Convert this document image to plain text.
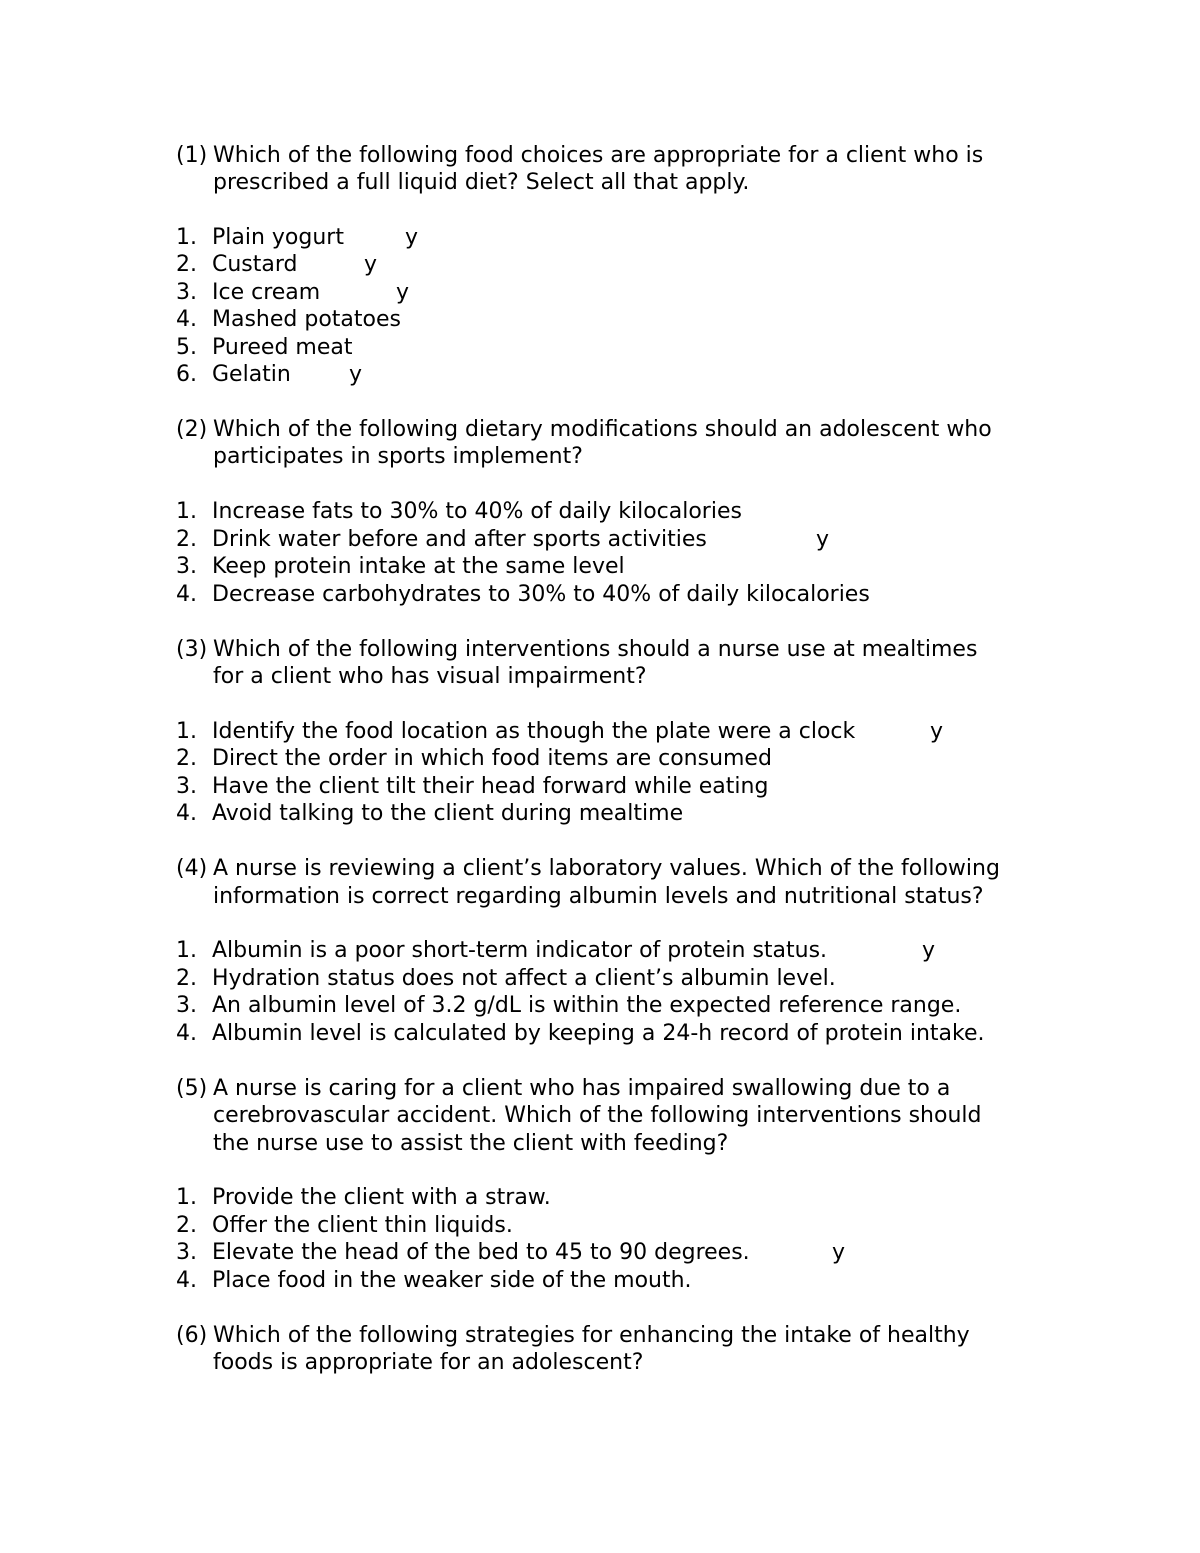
(1) Which of the following food choices are appropriate for a client who is
prescribed a full liquid diet? Select all that apply.
1. Plain yogurt	y
2. Custard	y
3. Ice cream	y
4. Mashed potatoes
5. Pureed meat
6. Gelatin	y
(2) Which of the following dietary modifications should an adolescent who
participates in sports implement?
1. Increase fats to 30% to 40% of daily kilocalories
2. Drink water before and after sports activities	y
3. Keep protein intake at the same level
4. Decrease carbohydrates to 30% to 40% of daily kilocalories
(3) Which of the following interventions should a nurse use at mealtimes
for a client who has visual impairment?
1. Identify the food location as though the plate were a clock	y
2. Direct the order in which food items are consumed
3. Have the client tilt their head forward while eating
4. Avoid talking to the client during mealtime
(4) A nurse is reviewing a client’s laboratory values. Which of the following
information is correct regarding albumin levels and nutritional status?
1. Albumin is a poor short-term indicator of protein status.	y
2. Hydration status does not affect a client’s albumin level.
3. An albumin level of 3.2 g/dL is within the expected reference range.
4. Albumin level is calculated by keeping a 24-h record of protein intake.
(5) A nurse is caring for a client who has impaired swallowing due to a
cerebrovascular accident. Which of the following interventions should
the nurse use to assist the client with feeding?
1. Provide the client with a straw.
2. Offer the client thin liquids.
3. Elevate the head of the bed to 45 to 90 degrees.	y
4. Place food in the weaker side of the mouth.
(6) Which of the following strategies for enhancing the intake of healthy
foods is appropriate for an adolescent?
